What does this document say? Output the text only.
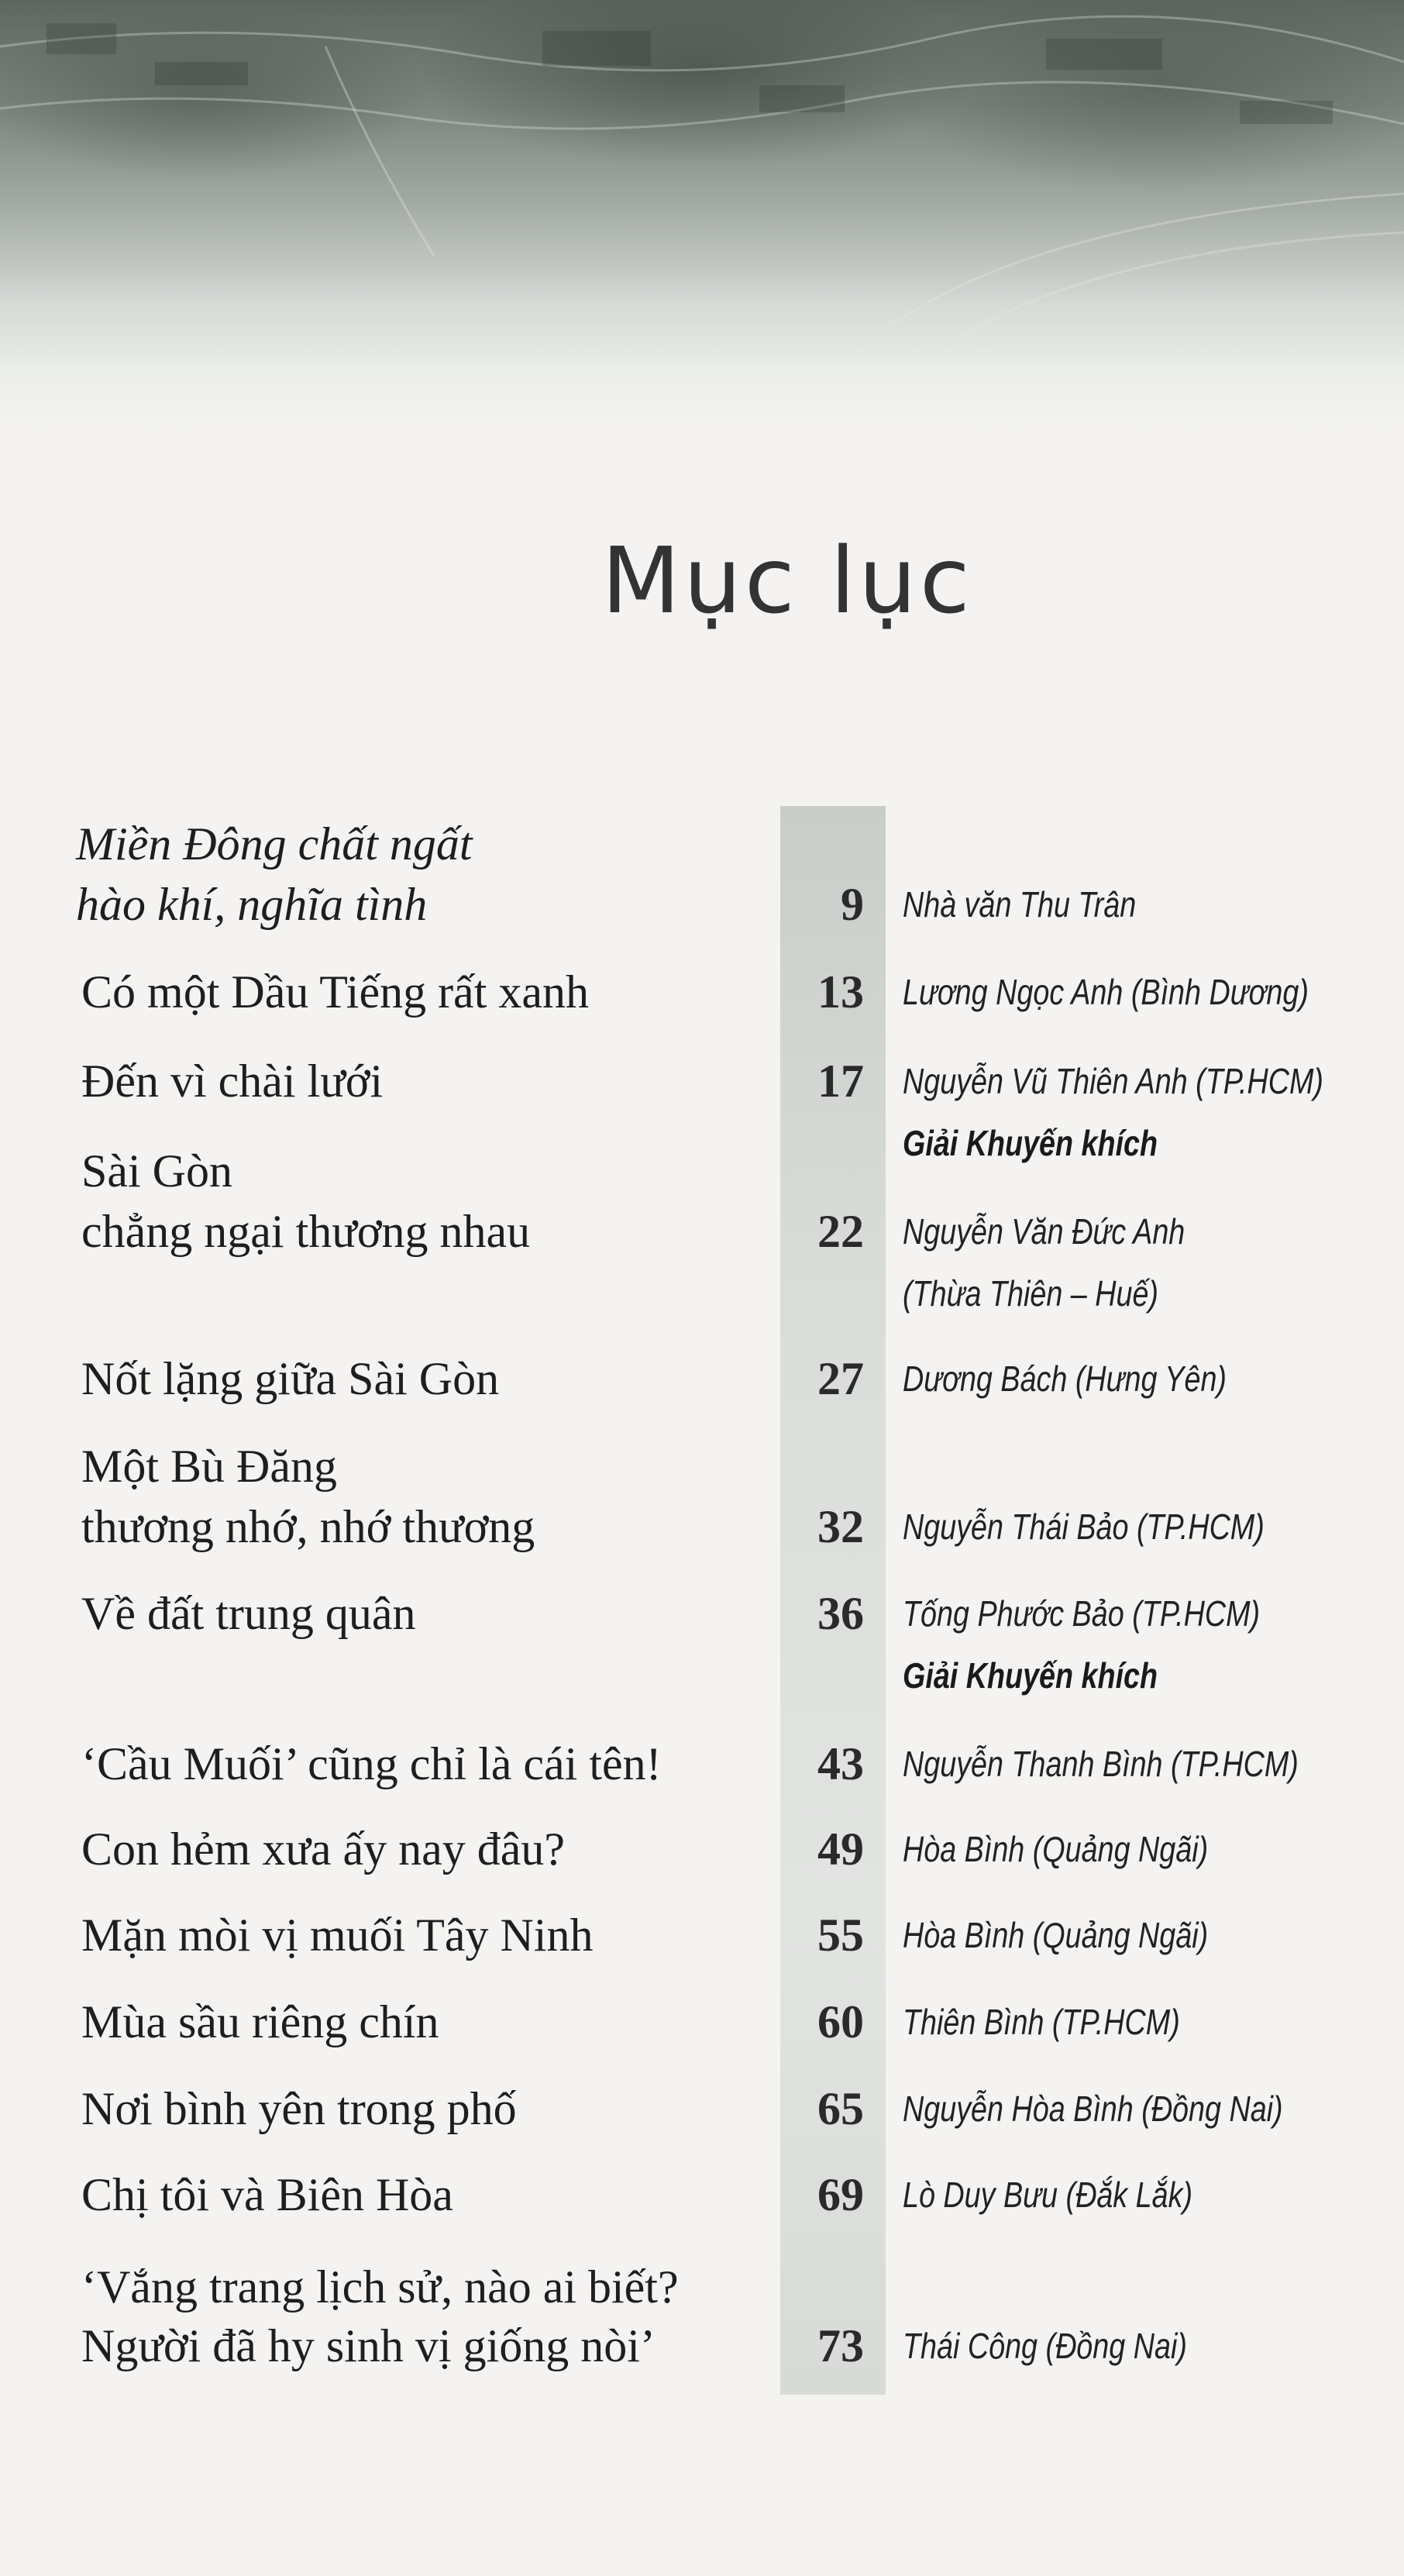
Mục lục
Miền Đông chất ngất
hào khí, nghĩa tình	9 Nhà văn Thu Trân
Có một Dầu Tiếng rất xanh	13 Lương Ngọc Anh (Bình Dương)
Đến vì chài lưới	17 Nguyễn Vũ Thiên Anh (TP.HCM)
Giải Khuyến khích
Sài Gòn
chẳng ngại thương nhau	22 Nguyễn Văn Đức Anh
(Thừa Thiên – Huế)
Nốt lặng giữa Sài Gòn	27 Dương Bách (Hưng Yên)
Một Bù Đăng
thương nhớ, nhớ thương	32 Nguyễn Thái Bảo (TP.HCM)
Về đất trung quân	36 Tống Phước Bảo (TP.HCM)
Giải Khuyến khích
‘Cầu Muối’ cũng chỉ là cái tên!	43 Nguyễn Thanh Bình (TP.HCM)
Con hẻm xưa ấy nay đâu?	49 Hòa Bình (Quảng Ngãi)
Mặn mòi vị muối Tây Ninh	55 Hòa Bình (Quảng Ngãi)
Mùa sầu riêng chín	60 Thiên Bình (TP.HCM)
Nơi bình yên trong phố	65 Nguyễn Hòa Bình (Đồng Nai)
Chị tôi và Biên Hòa	69 Lò Duy Bưu (Đắk Lắk)
‘Vắng trang lịch sử, nào ai biết?
Người đã hy sinh vị giống nòi’	73 Thái Công (Đồng Nai)
